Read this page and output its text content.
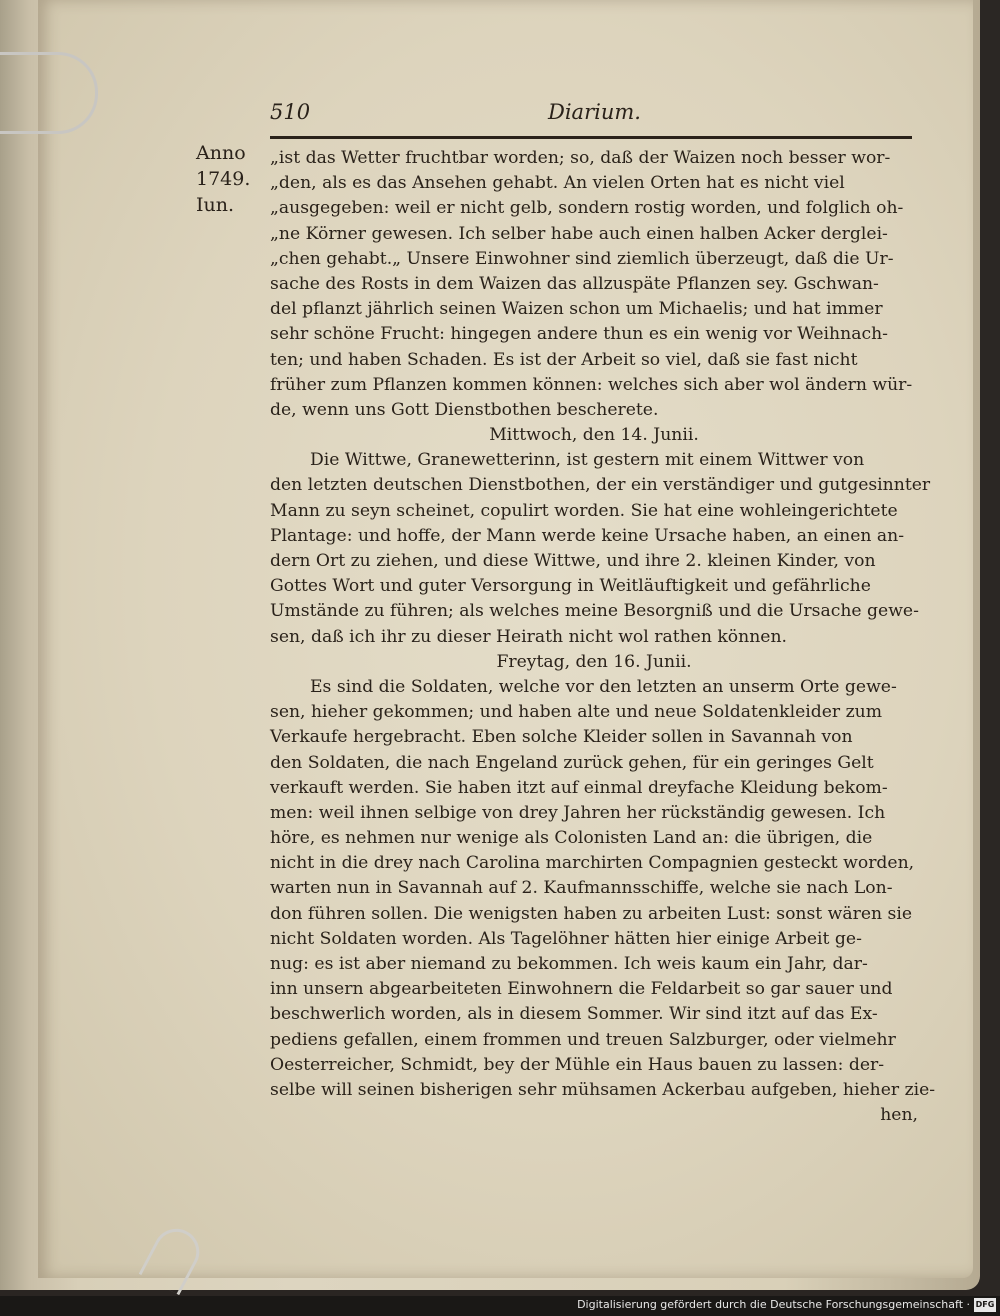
510	Diarium.
Anno
1749.
Iun.
„ist das Wetter fruchtbar worden; so, daß der Waizen noch besser wor-
„den, als es das Ansehen gehabt. An vielen Orten hat es nicht viel
„ausgegeben: weil er nicht gelb, sondern rostig worden, und folglich oh-
„ne Körner gewesen. Ich selber habe auch einen halben Acker derglei-
„chen gehabt.„ Unsere Einwohner sind ziemlich überzeugt, daß die Ur-
sache des Rosts in dem Waizen das allzuspäte Pflanzen sey. Gschwan-
del pflanzt jährlich seinen Waizen schon um Michaelis; und hat immer
sehr schöne Frucht: hingegen andere thun es ein wenig vor Weihnach-
ten; und haben Schaden. Es ist der Arbeit so viel, daß sie fast nicht
früher zum Pflanzen kommen können: welches sich aber wol ändern wür-
de, wenn uns Gott Dienstbothen bescherete.
Mittwoch, den 14. Junii.
Die Wittwe, Granewetterinn, ist gestern mit einem Wittwer von
den letzten deutschen Dienstbothen, der ein verständiger und gutgesinnter
Mann zu seyn scheinet, copulirt worden. Sie hat eine wohleingerichtete
Plantage: und hoffe, der Mann werde keine Ursache haben, an einen an-
dern Ort zu ziehen, und diese Wittwe, und ihre 2. kleinen Kinder, von
Gottes Wort und guter Versorgung in Weitläuftigkeit und gefährliche
Umstände zu führen; als welches meine Besorgniß und die Ursache gewe-
sen, daß ich ihr zu dieser Heirath nicht wol rathen können.
Freytag, den 16. Junii.
Es sind die Soldaten, welche vor den letzten an unserm Orte gewe-
sen, hieher gekommen; und haben alte und neue Soldatenkleider zum
Verkaufe hergebracht. Eben solche Kleider sollen in Savannah von
den Soldaten, die nach Engeland zurück gehen, für ein geringes Gelt
verkauft werden. Sie haben itzt auf einmal dreyfache Kleidung bekom-
men: weil ihnen selbige von drey Jahren her rückständig gewesen. Ich
höre, es nehmen nur wenige als Colonisten Land an: die übrigen, die
nicht in die drey nach Carolina marchirten Compagnien gesteckt worden,
warten nun in Savannah auf 2. Kaufmannsschiffe, welche sie nach Lon-
don führen sollen. Die wenigsten haben zu arbeiten Lust: sonst wären sie
nicht Soldaten worden. Als Tagelöhner hätten hier einige Arbeit ge-
nug: es ist aber niemand zu bekommen. Ich weis kaum ein Jahr, dar-
inn unsern abgearbeiteten Einwohnern die Feldarbeit so gar sauer und
beschwerlich worden, als in diesem Sommer. Wir sind itzt auf das Ex-
pediens gefallen, einem frommen und treuen Salzburger, oder vielmehr
Oesterreicher, Schmidt, bey der Mühle ein Haus bauen zu lassen: der-
selbe will seinen bisherigen sehr mühsamen Ackerbau aufgeben, hieher zie-
hen,
Digitalisierung gefördert durch die Deutsche Forschungsgemeinschaft · DFG
